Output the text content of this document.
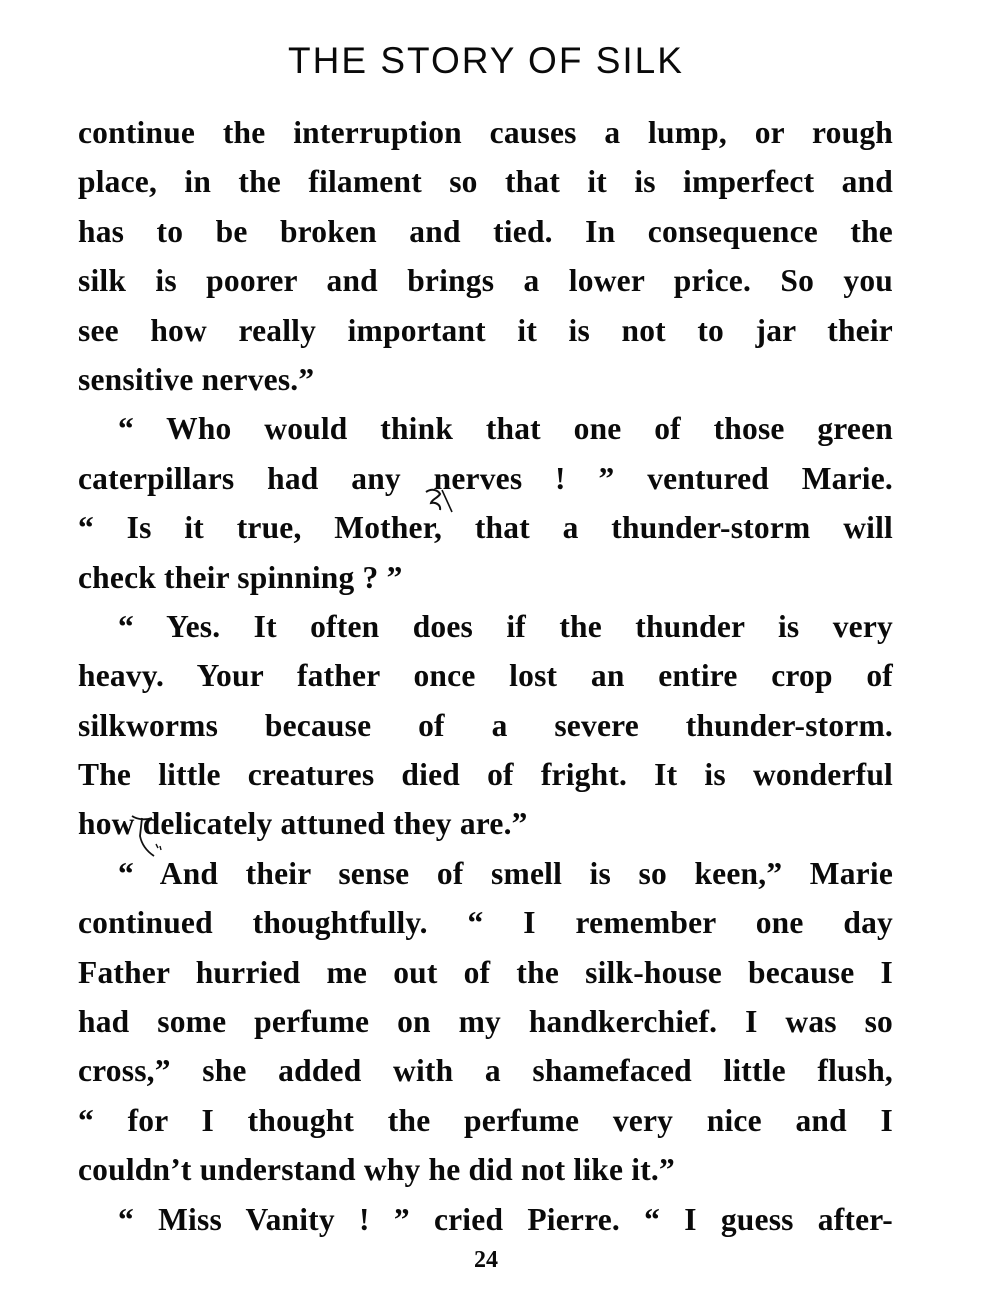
THE STORY OF SILK
continue the interruption causes a lump, or rough
place, in the filament so that it is imperfect and
has to be broken and tied. In consequence the
silk is poorer and brings a lower price. So you
see how really important it is not to jar their
sensitive nerves.”
“ Who would think that one of those green
caterpillars had any nerves ! ” ventured Marie.
“ Is it true, Mother, that a thunder-storm will
check their spinning ? ”
“ Yes. It often does if the thunder is very
heavy. Your father once lost an entire crop of
silkworms because of a severe thunder-storm.
The little creatures died of fright. It is wonderful
how delicately attuned they are.”
“ And their sense of smell is so keen,” Marie
continued thoughtfully. “ I remember one day
Father hurried me out of the silk-house because I
had some perfume on my handkerchief. I was so
cross,” she added with a shamefaced little flush,
“ for I thought the perfume very nice and I
couldn’t understand why he did not like it.”
“ Miss Vanity ! ” cried Pierre. “ I guess after-
24
